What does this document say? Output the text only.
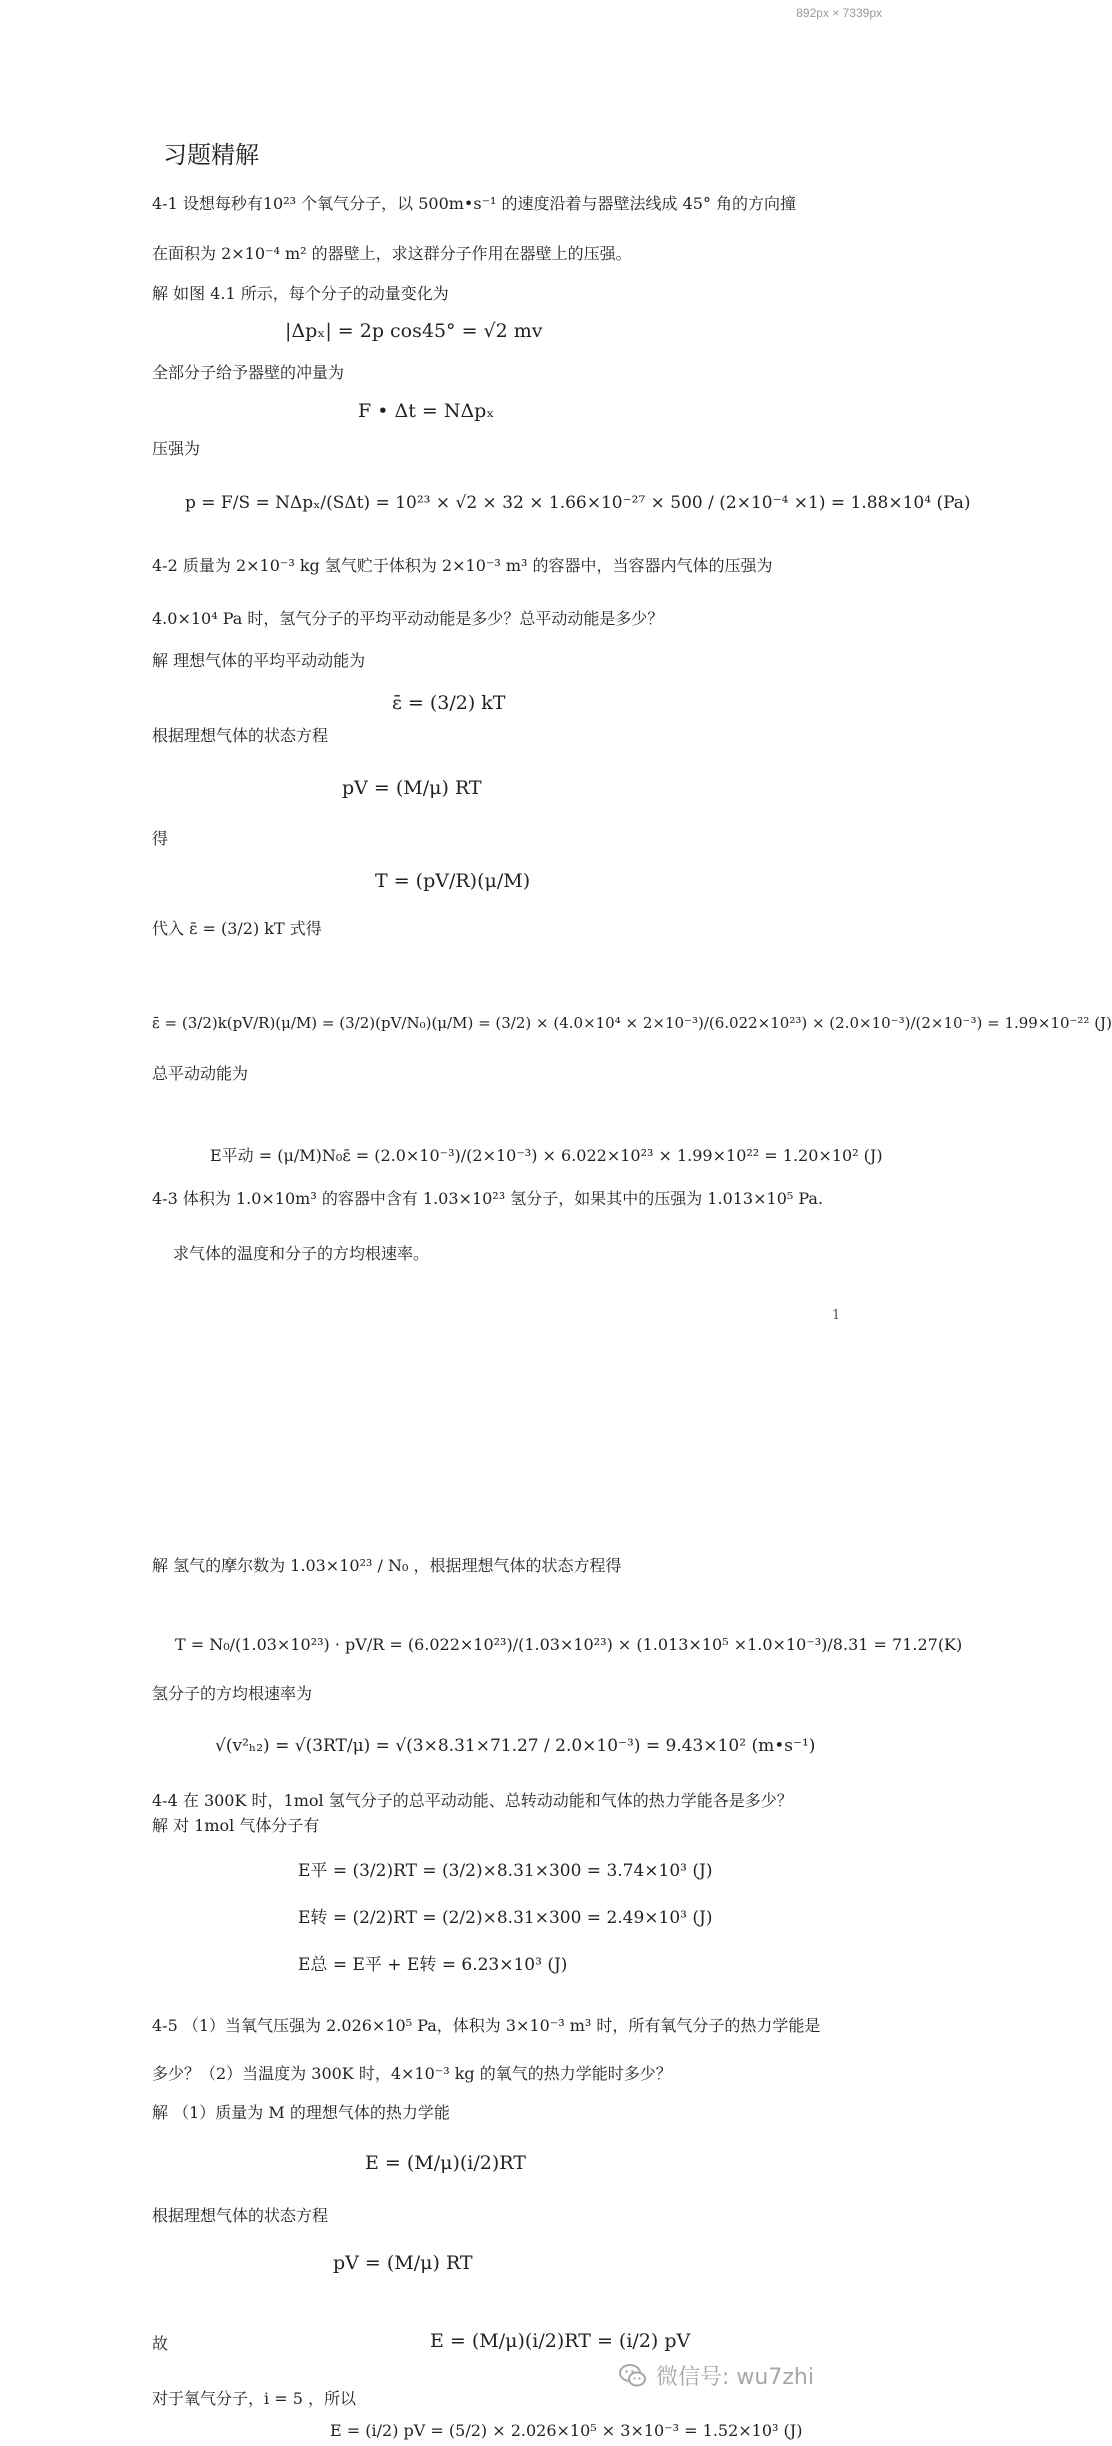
892px × 7339px
习题精解
4-1 设想每秒有10²³ 个氧气分子，以 500m•s⁻¹ 的速度沿着与器壁法线成 45° 角的方向撞
在面积为 2×10⁻⁴ m² 的器壁上，求这群分子作用在器壁上的压强。
解 如图 4.1 所示，每个分子的动量变化为
|Δpₓ| = 2p cos45° = √2 mv
全部分子给予器壁的冲量为
F • Δt = NΔpₓ
压强为
p = F/S = NΔpₓ/(SΔt) = 10²³ × √2 × 32 × 1.66×10⁻²⁷ × 500 / (2×10⁻⁴ ×1) = 1.88×10⁴ (Pa)
4-2 质量为 2×10⁻³ kg 氢气贮于体积为 2×10⁻³ m³ 的容器中，当容器内气体的压强为
4.0×10⁴ Pa 时，氢气分子的平均平动动能是多少？总平动动能是多少？
解 理想气体的平均平动动能为
ε̄ = (3/2) kT
根据理想气体的状态方程
pV = (M/μ) RT
得
T = (pV/R)(μ/M)
代入 ε̄ = (3/2) kT 式得
ε̄ = (3/2)k(pV/R)(μ/M) = (3/2)(pV/N₀)(μ/M) = (3/2) × (4.0×10⁴ × 2×10⁻³)/(6.022×10²³) × (2.0×10⁻³)/(2×10⁻³) = 1.99×10⁻²² (J)
总平动动能为
E平动 = (μ/M)N₀ε̄ = (2.0×10⁻³)/(2×10⁻³) × 6.022×10²³ × 1.99×10²² = 1.20×10² (J)
4-3 体积为 1.0×10m³ 的容器中含有 1.03×10²³ 氢分子，如果其中的压强为 1.013×10⁵ Pa.
求气体的温度和分子的方均根速率。
1
解 氢气的摩尔数为 1.03×10²³ / N₀ ，根据理想气体的状态方程得
T = N₀/(1.03×10²³) · pV/R = (6.022×10²³)/(1.03×10²³) × (1.013×10⁵ ×1.0×10⁻³)/8.31 = 71.27(K)
氢分子的方均根速率为
√(v²ₕ₂) = √(3RT/μ) = √(3×8.31×71.27 / 2.0×10⁻³) = 9.43×10² (m•s⁻¹)
4-4 在 300K 时，1mol 氢气分子的总平动动能、总转动动能和气体的热力学能各是多少？
解 对 1mol 气体分子有
E平 = (3/2)RT = (3/2)×8.31×300 = 3.74×10³ (J)
E转 = (2/2)RT = (2/2)×8.31×300 = 2.49×10³ (J)
E总 = E平 + E转 = 6.23×10³ (J)
4-5 （1）当氧气压强为 2.026×10⁵ Pa，体积为 3×10⁻³ m³ 时，所有氧气分子的热力学能是
多少？（2）当温度为 300K 时，4×10⁻³ kg 的氧气的热力学能时多少？
解 （1）质量为 M 的理想气体的热力学能
E = (M/μ)(i/2)RT
根据理想气体的状态方程
pV = (M/μ) RT
故	E = (M/μ)(i/2)RT = (i/2) pV
对于氧气分子，i = 5 ，所以
E = (i/2) pV = (5/2) × 2.026×10⁵ × 3×10⁻³ = 1.52×10³ (J)
微信号: wu7zhi
